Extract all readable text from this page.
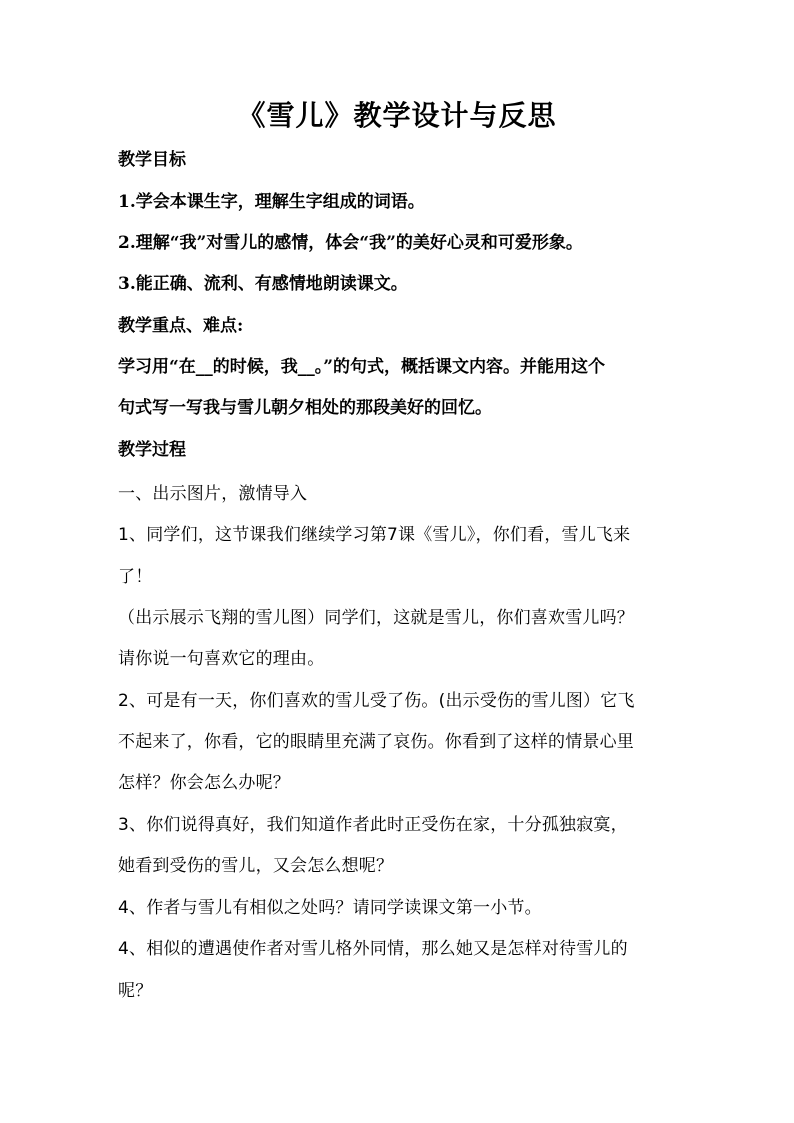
《雪儿》教学设计与反思
教学目标
1.学会本课生字，理解生字组成的词语。
2.理解“我”对雪儿的感情，体会“我”的美好心灵和可爱形象。
3.能正确、流利、有感情地朗读课文。
教学重点、难点:
学习用“在__的时候，我__。”的句式，概括课文内容。并能用这个
句式写一写我与雪儿朝夕相处的那段美好的回忆。
教学过程
一、出示图片，激情导入
1、同学们，这节课我们继续学习第7课《雪儿》，你们看，雪儿飞来
了！
（出示展示飞翔的雪儿图）同学们，这就是雪儿，你们喜欢雪儿吗？
请你说一句喜欢它的理由。
2、可是有一天，你们喜欢的雪儿受了伤。(出示受伤的雪儿图）它飞
不起来了，你看，它的眼睛里充满了哀伤。你看到了这样的情景心里
怎样？你会怎么办呢？
3、你们说得真好，我们知道作者此时正受伤在家，十分孤独寂寞，
她看到受伤的雪儿，又会怎么想呢？
4、作者与雪儿有相似之处吗？请同学读课文第一小节。
4、相似的遭遇使作者对雪儿格外同情，那么她又是怎样对待雪儿的
呢？
